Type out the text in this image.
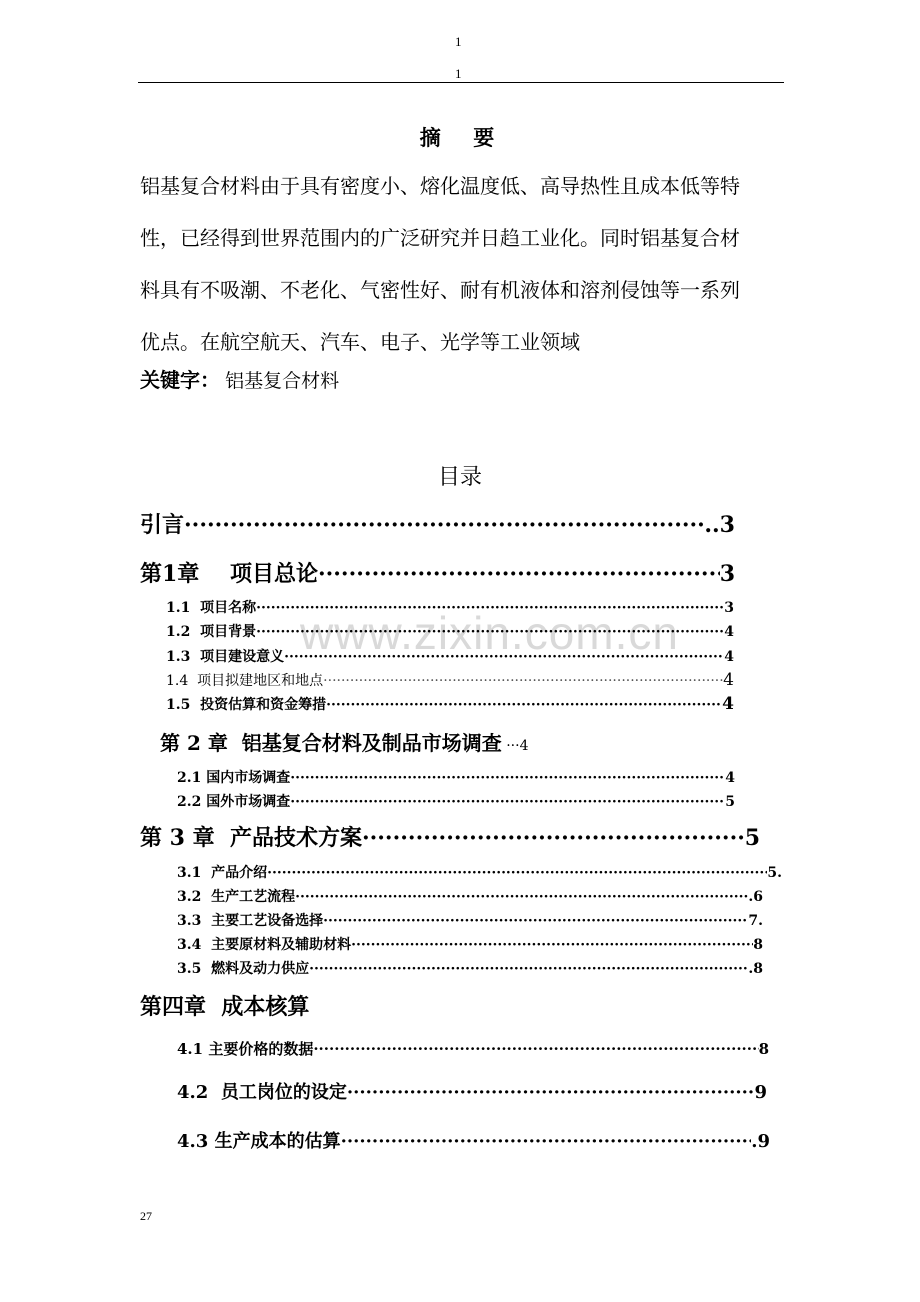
1
1
摘  要
铝基复合材料由于具有密度小、熔化温度低、高导热性且成本低等特
性，已经得到世界范围内的广泛研究并日趋工业化。同时铝基复合材
料具有不吸潮、不老化、气密性好、耐有机液体和溶剂侵蚀等一系列
优点。在航空航天、汽车、电子、光学等工业领域
关键字： 铝基复合材料
www.zixin.com.cn
目录
引言 ·····	..3
第1章    项目总论 ·····	3
1.1  项目名称 ·····	3
1.2  项目背景 ·····	4
1.3  项目建设意义 ·····	4
1.4  项目拟建地区和地点 ·····	4
1.5  投资估算和资金筹措 ·····	4
第 2 章  铝基复合材料及制品市场调查 ··· 4
2.1 国内市场调查 ·····	4
2.2 国外市场调查 ·····	5
第 3 章  产品技术方案 ·····	5
3.1  产品介绍 ·····	5.
3.2  生产工艺流程 ·····	.6
3.3  主要工艺设备选择 ·····	7.
3.4  主要原材料及辅助材料 ·····	8
3.5  燃料及动力供应 ·····	.8
第四章  成本核算
4.1 主要价格的数据 ·····	8
4.2  员工岗位的设定 ·····	9
4.3 生产成本的估算 ·····	.9
27
